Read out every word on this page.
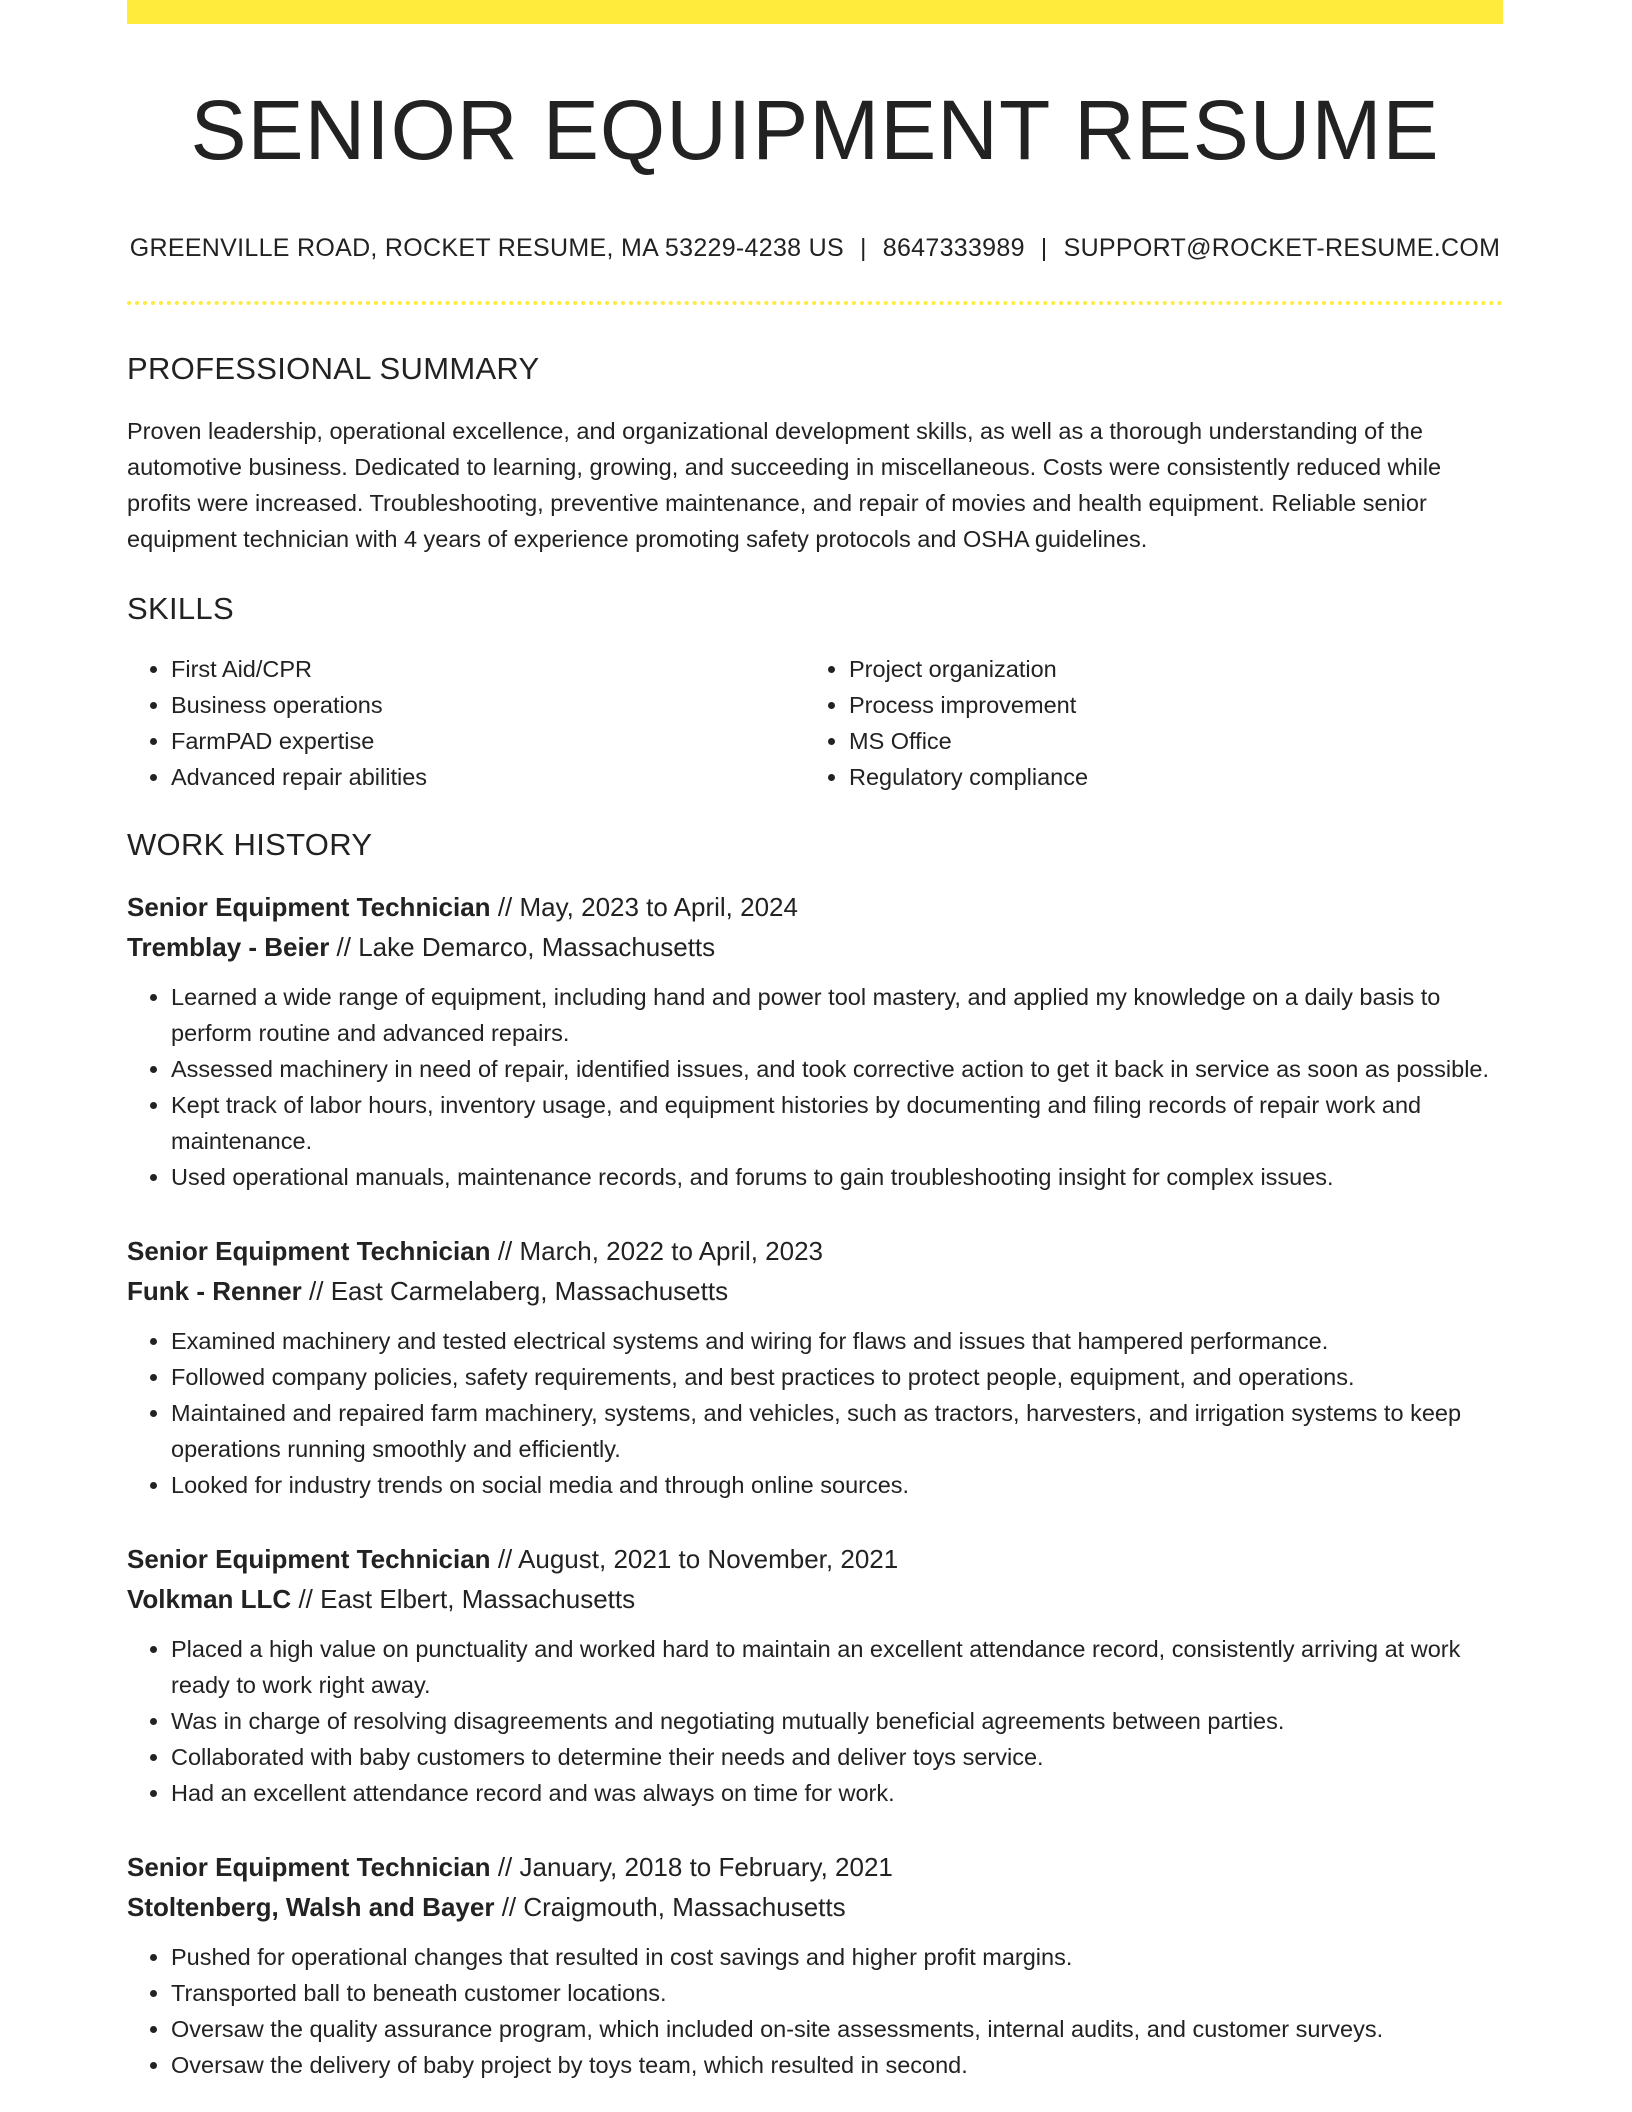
SENIOR EQUIPMENT RESUME
GREENVILLE ROAD, ROCKET RESUME, MA 53229-4238 US | 8647333989 | SUPPORT@ROCKET-RESUME.COM
PROFESSIONAL SUMMARY

Proven leadership, operational excellence, and organizational development skills, as well as a thorough understanding of the automotive business. Dedicated to learning, growing, and succeeding in miscellaneous. Costs were consistently reduced while profits were increased. Troubleshooting, preventive maintenance, and repair of movies and health equipment. Reliable senior equipment technician with 4 years of experience promoting safety protocols and OSHA guidelines.

SKILLS
• First Aid/CPR
• Business operations
• FarmPAD expertise
• Advanced repair abilities
• Project organization
• Process improvement
• MS Office
• Regulatory compliance
WORK HISTORY
Senior Equipment Technician // May, 2023 to April, 2024
Tremblay - Beier // Lake Demarco, Massachusetts
• Learned a wide range of equipment, including hand and power tool mastery, and applied my knowledge on a daily basis to perform routine and advanced repairs.
• Assessed machinery in need of repair, identified issues, and took corrective action to get it back in service as soon as possible.
• Kept track of labor hours, inventory usage, and equipment histories by documenting and filing records of repair work and maintenance.
• Used operational manuals, maintenance records, and forums to gain troubleshooting insight for complex issues.
Senior Equipment Technician // March, 2022 to April, 2023
Funk - Renner // East Carmelaberg, Massachusetts
• Examined machinery and tested electrical systems and wiring for flaws and issues that hampered performance.
• Followed company policies, safety requirements, and best practices to protect people, equipment, and operations.
• Maintained and repaired farm machinery, systems, and vehicles, such as tractors, harvesters, and irrigation systems to keep operations running smoothly and efficiently.
• Looked for industry trends on social media and through online sources.
Senior Equipment Technician // August, 2021 to November, 2021
Volkman LLC // East Elbert, Massachusetts
• Placed a high value on punctuality and worked hard to maintain an excellent attendance record, consistently arriving at work ready to work right away.
• Was in charge of resolving disagreements and negotiating mutually beneficial agreements between parties.
• Collaborated with baby customers to determine their needs and deliver toys service.
• Had an excellent attendance record and was always on time for work.
Senior Equipment Technician // January, 2018 to February, 2021
Stoltenberg, Walsh and Bayer // Craigmouth, Massachusetts
• Pushed for operational changes that resulted in cost savings and higher profit margins.
• Transported ball to beneath customer locations.
• Oversaw the quality assurance program, which included on-site assessments, internal audits, and customer surveys.
• Oversaw the delivery of baby project by toys team, which resulted in second.
